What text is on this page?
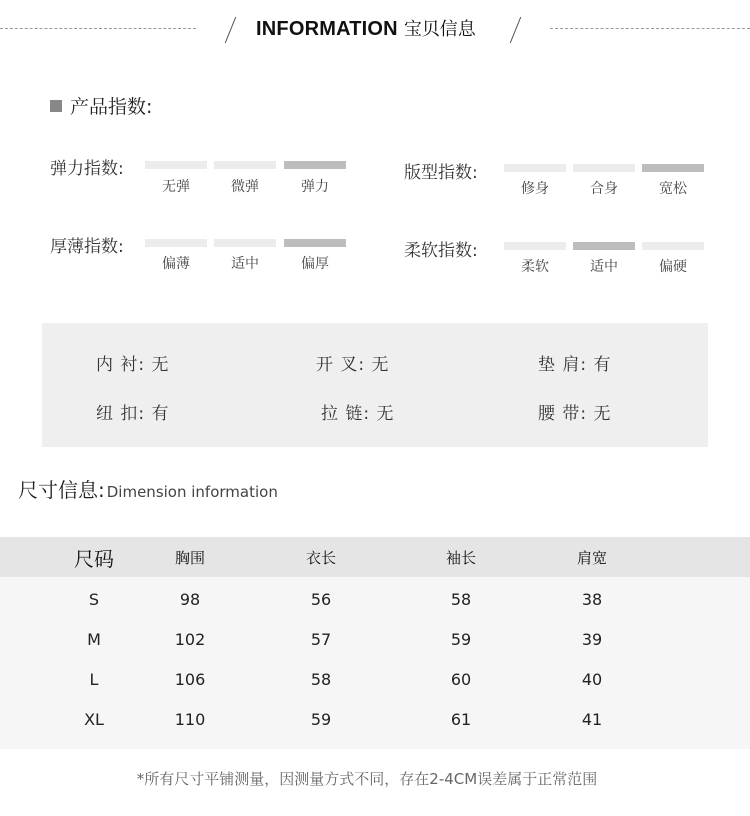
INFORMATION 宝贝信息
产品指数:
弹力指数:
无弹	微弹	弹力
版型指数:
修身	合身	宽松
厚薄指数:
偏薄	适中	偏厚
柔软指数:
柔软	适中	偏硬
内 衬: 无	开 叉: 无	垫 肩: 有
纽 扣: 有	拉 链: 无	腰 带: 无
尺寸信息: Dimension information
尺码	胸围	衣长	袖长	肩宽
S	98	56	58	38
M	102	57	59	39
L	106	58	60	40
XL	110	59	61	41
*所有尺寸平铺测量，因测量方式不同，存在2-4CM误差属于正常范围
